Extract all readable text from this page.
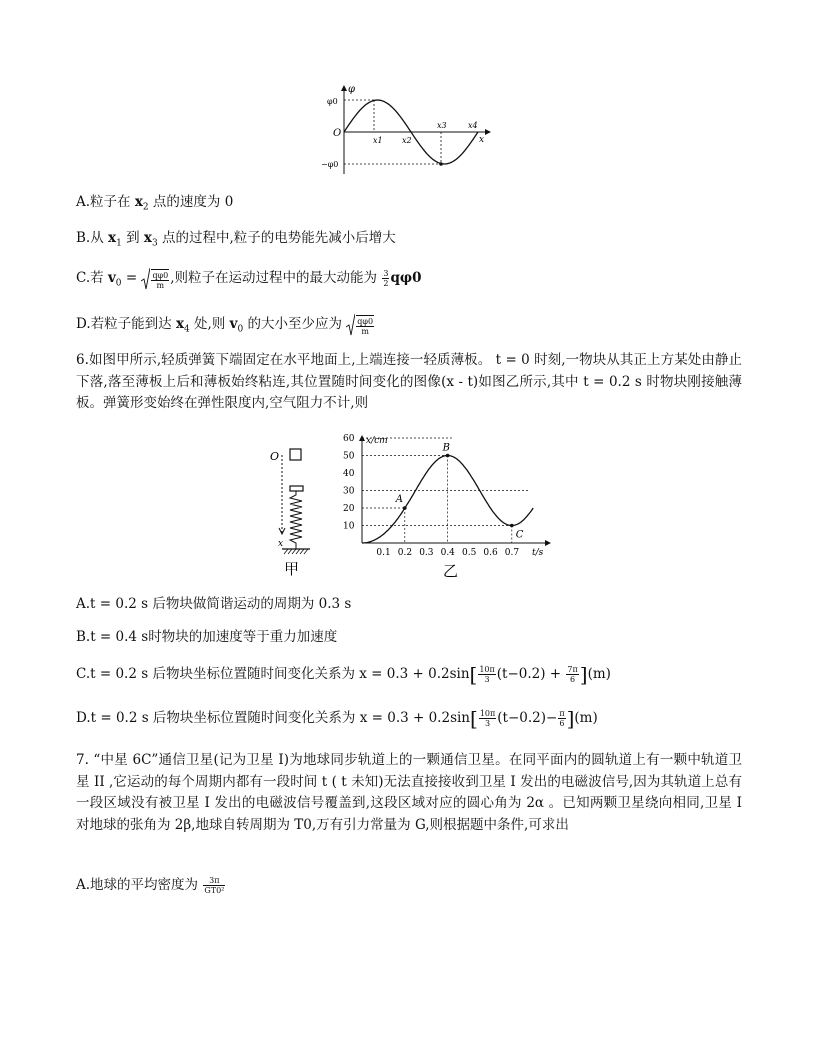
φ
x
O
φ0
−φ0
x1 x2
x3	x4
A.粒子在 $x_2$ 点的速度为 0
B.从 $x_1$ 到 $x_3$ 点的过程中,粒子的电势能先减小后增大
C.若 $v_0 = \frac{q\varphi 0}{m}$ ,则粒子在运动过程中的最大动能为 $\frac{3}{2} q\varphi 0$
D.若粒子能到达 $x_4$ 处,则 $v_0$ 的大小至少应为 $\frac{q\varphi 0}{m}$
6.如图甲所示,轻质弹簧下端固定在水平地面上,上端连接一轻质薄板。 t = 0 时刻,一物块从其正上方某处由静止下落,落至薄板上后和薄板始终粘连,其位置随时间变化的图像(x - t)如图乙所示,其中 t = 0.2 s 时物块刚接触薄板。弹簧形变始终在弹性限度内,空气阻力不计,则
O
x
甲
x/cm
t/s
0.1 0.2 0.3 0.4 0.5 0.6 0.7
10
20
30
40
50
60
A
B
C
乙
A.t = 0.2 s 后物块做简谐运动的周期为 0.3 s
B.t = 0.4 s时物块的加速度等于重力加速度
C.t = 0.2 s 后物块坐标位置随时间变化关系为 $x = 0.3 + 0.2\sin[ \frac{10\pi}{3} (t-0.2) + \frac{7\pi}{6} ](m)$
D.t = 0.2 s 后物块坐标位置随时间变化关系为 $x = 0.3 + 0.2\sin[ \frac{10\pi}{3} (t-0.2)- \frac{\pi}{6} ](m)$
7. “中星 6C”通信卫星(记为卫星 I)为地球同步轨道上的一颗通信卫星。在同平面内的圆轨道上有一颗中轨道卫星 II ,它运动的每个周期内都有一段时间 t ( t 未知)无法直接接收到卫星 I 发出的电磁波信号,因为其轨道上总有一段区域没有被卫星 I 发出的电磁波信号覆盖到,这段区域对应的圆心角为 2α 。已知两颗卫星绕向相同,卫星 I 对地球的张角为 2β,地球自转周期为 T0,万有引力常量为 G,则根据题中条件,可求出
A.地球的平均密度为 $\frac{3\pi}{\text{GT0²}}$
